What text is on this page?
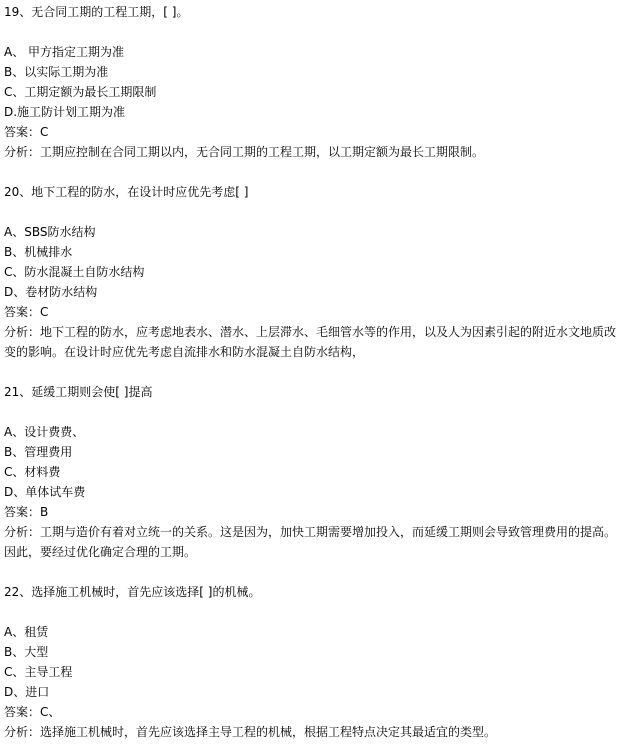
19、无合同工期的工程工期，[ ]。
A、 甲方指定工期为准
B、以实际工期为准
C、工期定额为最长工期限制
D.施工防计划工期为准
答案：C
分析：工期应控制在合同工期以内，无合同工期的工程工期，以工期定额为最长工期限制。
20、地下工程的防水，在设计时应优先考虑[ ]
A、SBS防水结构
B、机械排水
C、防水混凝土自防水结构
D、卷材防水结构
答案：C
分析：地下工程的防水，应考虑地表水、潜水、上层滞水、毛细管水等的作用，以及人为因素引起的附近水文地质改变的影响。在设计时应优先考虑自流排水和防水混凝土自防水结构，
21、延缓工期则会使[ ]提高
A、设计费费、
B、管理费用
C、材料费
D、单体试车费
答案：B
分析：工期与造价有着对立统一的关系。这是因为，加快工期需要增加投入，而延缓工期则会导致管理费用的提高。因此，要经过优化确定合理的工期。
22、选择施工机械时，首先应该选择[ ]的机械。
A、租赁
B、大型
C、主导工程
D、进口
答案：C、
分析：选择施工机械时，首先应该选择主导工程的机械，根据工程特点决定其最适宜的类型。
